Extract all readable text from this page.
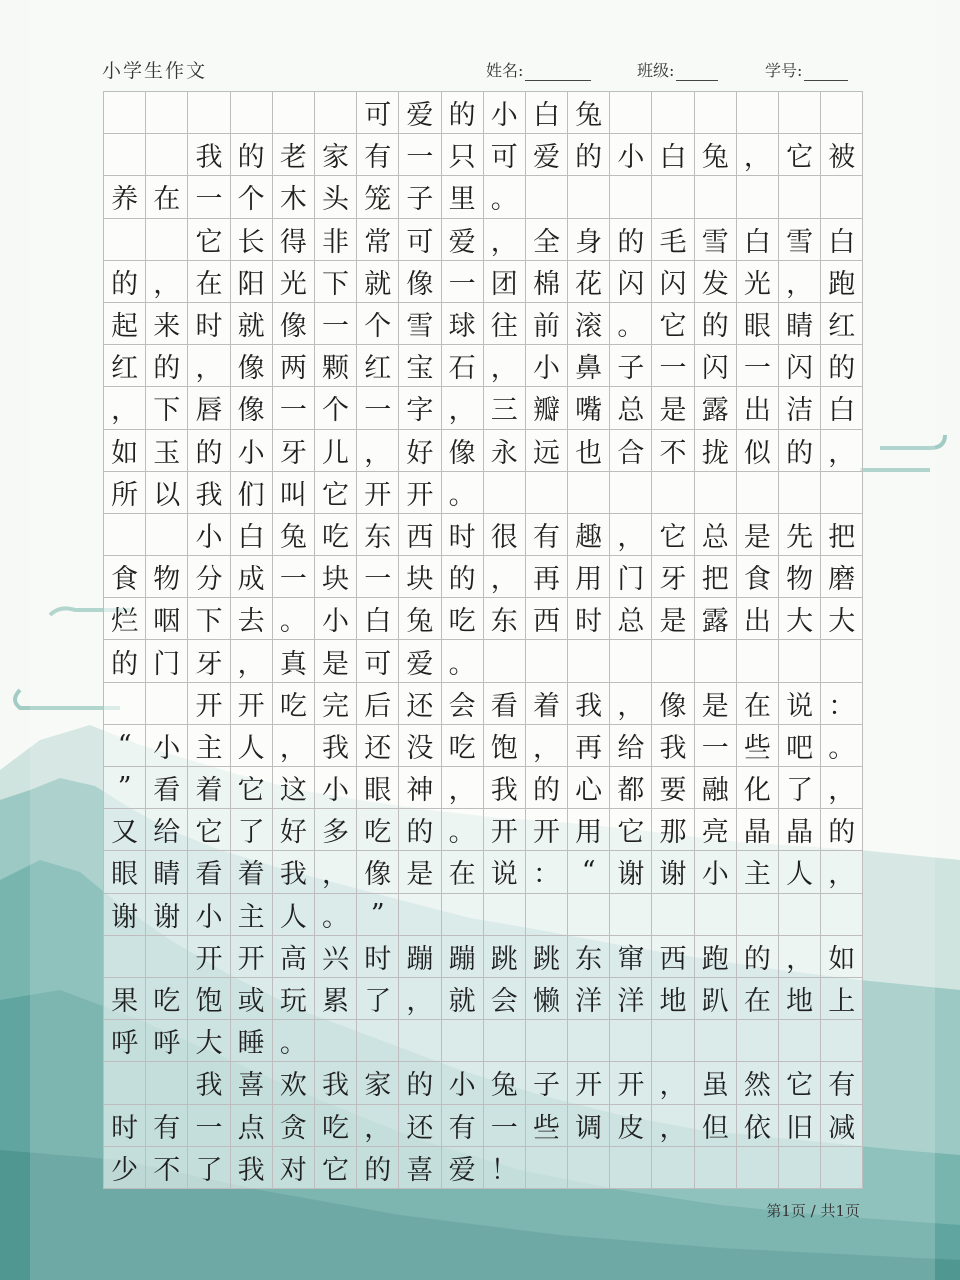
小学生作文	姓名:	班级:	学号:
可 爱 的 小 白 兔
我 的 老 家 有 一 只 可 爱 的 小 白 兔 ， 它 被
养 在 一 个 木 头 笼 子 里 。
它 长 得 非 常 可 爱 ， 全 身 的 毛 雪 白 雪 白
的 ， 在 阳 光 下 就 像 一 团 棉 花 闪 闪 发 光 ， 跑
起 来 时 就 像 一 个 雪 球 往 前 滚 。 它 的 眼 睛 红
红 的 ， 像 两 颗 红 宝 石 ， 小 鼻 子 一 闪 一 闪 的
， 下 唇 像 一 个 一 字 ， 三 瓣 嘴 总 是 露 出 洁 白
如 玉 的 小 牙 儿 ， 好 像 永 远 也 合 不 拢 似 的 ，
所 以 我 们 叫 它 开 开 。
小 白 兔 吃 东 西 时 很 有 趣 ， 它 总 是 先 把
食 物 分 成 一 块 一 块 的 ， 再 用 门 牙 把 食 物 磨
烂 咽 下 去 。 小 白 兔 吃 东 西 时 总 是 露 出 大 大
的 门 牙 ， 真 是 可 爱 。
开 开 吃 完 后 还 会 看 着 我 ， 像 是 在 说 ：
“ 小 主 人 ， 我 还 没 吃 饱 ， 再 给 我 一 些 吧 。
” 看 着 它 这 小 眼 神 ， 我 的 心 都 要 融 化 了 ，
又 给 它 了 好 多 吃 的 。 开 开 用 它 那 亮 晶 晶 的
眼 睛 看 着 我 ， 像 是 在 说 ： “ 谢 谢 小 主 人 ，
谢 谢 小 主 人 。 ”
开 开 高 兴 时 蹦 蹦 跳 跳 东 窜 西 跑 的 ， 如
果 吃 饱 或 玩 累 了 ， 就 会 懒 洋 洋 地 趴 在 地 上
呼 呼 大 睡 。
我 喜 欢 我 家 的 小 兔 子 开 开 ， 虽 然 它 有
时 有 一 点 贪 吃 ， 还 有 一 些 调 皮 ， 但 依 旧 减
少 不 了 我 对 它 的 喜 爱 ！
第1页 / 共1页
